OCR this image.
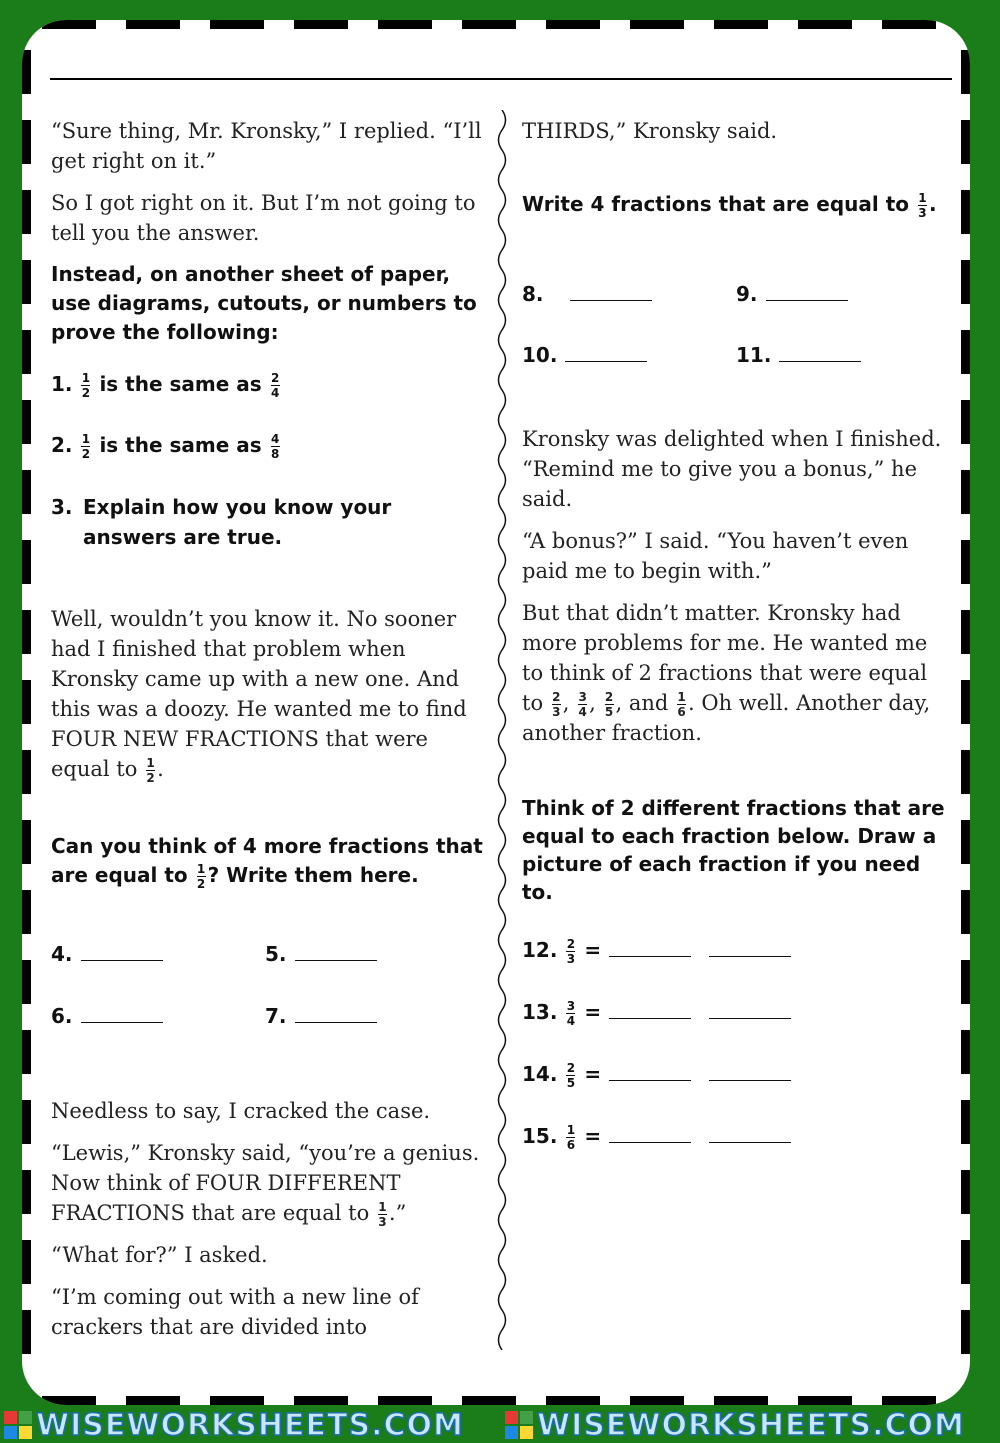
“Sure thing, Mr. Kronsky,” I replied. “I’ll get right on it.”

So I got right on it. But I’m not going to tell you the answer.

Instead, on another sheet of paper, use diagrams, cutouts, or numbers to prove the following:

1. $\frac{1}{2}$ is the same as $\frac{2}{4}$
2. $\frac{1}{2}$ is the same as $\frac{4}{8}$
3. Explain how you know your answers are true.

Well, wouldn’t you know it. No sooner had I finished that problem when Kronsky came up with a new one. And this was a doozy. He wanted me to find FOUR NEW FRACTIONS that were equal to $\frac{1}{2}$ .

Can you think of 4 more fractions that are equal to $\frac{1}{2}$ ? Write them here.
4.	5.
6.	7.

Needless to say, I cracked the case.

“Lewis,” Kronsky said, “you’re a genius. Now think of FOUR DIFFERENT FRACTIONS that are equal to $\frac{1}{3}$ .”

“What for?” I asked.

“I’m coming out with a new line of crackers that are divided into

THIRDS,” Kronsky said.

Write 4 fractions that are equal to $\frac{1}{3}$ .
8.	9.
10.	11.

Kronsky was delighted when I finished. “Remind me to give you a bonus,” he said.

“A bonus?” I said. “You haven’t even paid me to begin with.”

But that didn’t matter. Kronsky had more problems for me. He wanted me to think of 2 fractions that were equal to $\frac{2}{3}$ , $\frac{3}{4}$ , $\frac{2}{5}$ , and $\frac{1}{6}$ . Oh well. Another day, another fraction.

Think of 2 different fractions that are equal to each fraction below. Draw a picture of each fraction if you need to.
12. $\frac{2}{3}$ =
13. $\frac{3}{4}$ =
14. $\frac{2}{5}$ =
15. $\frac{1}{6}$ =
WISEWORKSHEETS.COM WISEWORKSHEETS.COM
